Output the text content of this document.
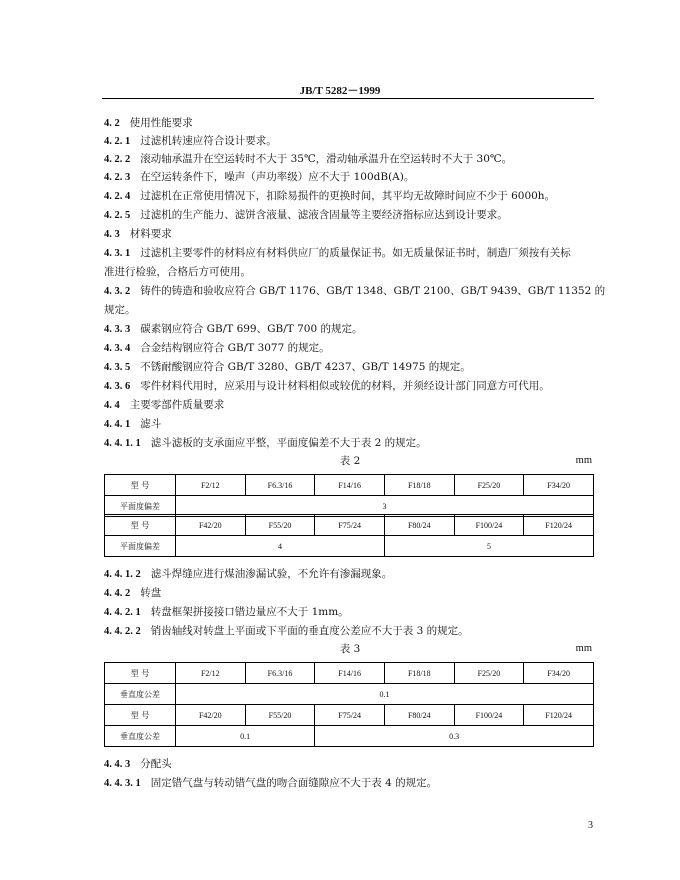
JB/T 5282－1999
4. 2 使用性能要求
4. 2. 1 过滤机转速应符合设计要求。
4. 2. 2 滚动轴承温升在空运转时不大于 35℃，滑动轴承温升在空运转时不大于 30℃。
4. 2. 3 在空运转条件下，噪声（声功率级）应不大于 100dB(A)。
4. 2. 4 过滤机在正常使用情况下，扣除易损件的更换时间，其平均无故障时间应不少于 6000h。
4. 2. 5 过滤机的生产能力、滤饼含液量、滤液含固量等主要经济指标应达到设计要求。
4. 3 材料要求
4. 3. 1 过滤机主要零件的材料应有材料供应厂的质量保证书。如无质量保证书时，制造厂须按有关标
准进行检验，合格后方可使用。
4. 3. 2 铸件的铸造和验收应符合 GB/T 1176、GB/T 1348、GB/T 2100、GB/T 9439、GB/T 11352 的
规定。
4. 3. 3 碳素钢应符合 GB/T 699、GB/T 700 的规定。
4. 3. 4 合金结构钢应符合 GB/T 3077 的规定。
4. 3. 5 不锈耐酸钢应符合 GB/T 3280、GB/T 4237、GB/T 14975 的规定。
4. 3. 6 零件材料代用时，应采用与设计材料相似或较优的材料，并须经设计部门同意方可代用。
4. 4 主要零部件质量要求
4. 4. 1 滤斗
4. 4. 1. 1 滤斗滤板的支承面应平整，平面度偏差不大于表 2 的规定。
表 2	mm
型 号	F2/12	F6.3/16	F14/16	F18/18	F25/20	F34/20
平面度偏差	3					
型 号	F42/20	F55/20	F75/24	F80/24	F100/24	F120/24
平面度偏差	4			5		
4. 4. 1. 2 滤斗焊缝应进行煤油渗漏试验，不允许有渗漏现象。
4. 4. 2 转盘
4. 4. 2. 1 转盘框架拼接接口错边量应不大于 1mm。
4. 4. 2. 2 销齿轴线对转盘上平面或下平面的垂直度公差应不大于表 3 的规定。
表 3	mm
型 号	F2/12	F6.3/16	F14/16	F18/18	F25/20	F34/20
垂直度公差	0.1					
型 号	F42/20	F55/20	F75/24	F80/24	F100/24	F120/24
垂直度公差	0.1		0.3			
4. 4. 3 分配头
4. 4. 3. 1 固定错气盘与转动错气盘的吻合面缝隙应不大于表 4 的规定。
3
